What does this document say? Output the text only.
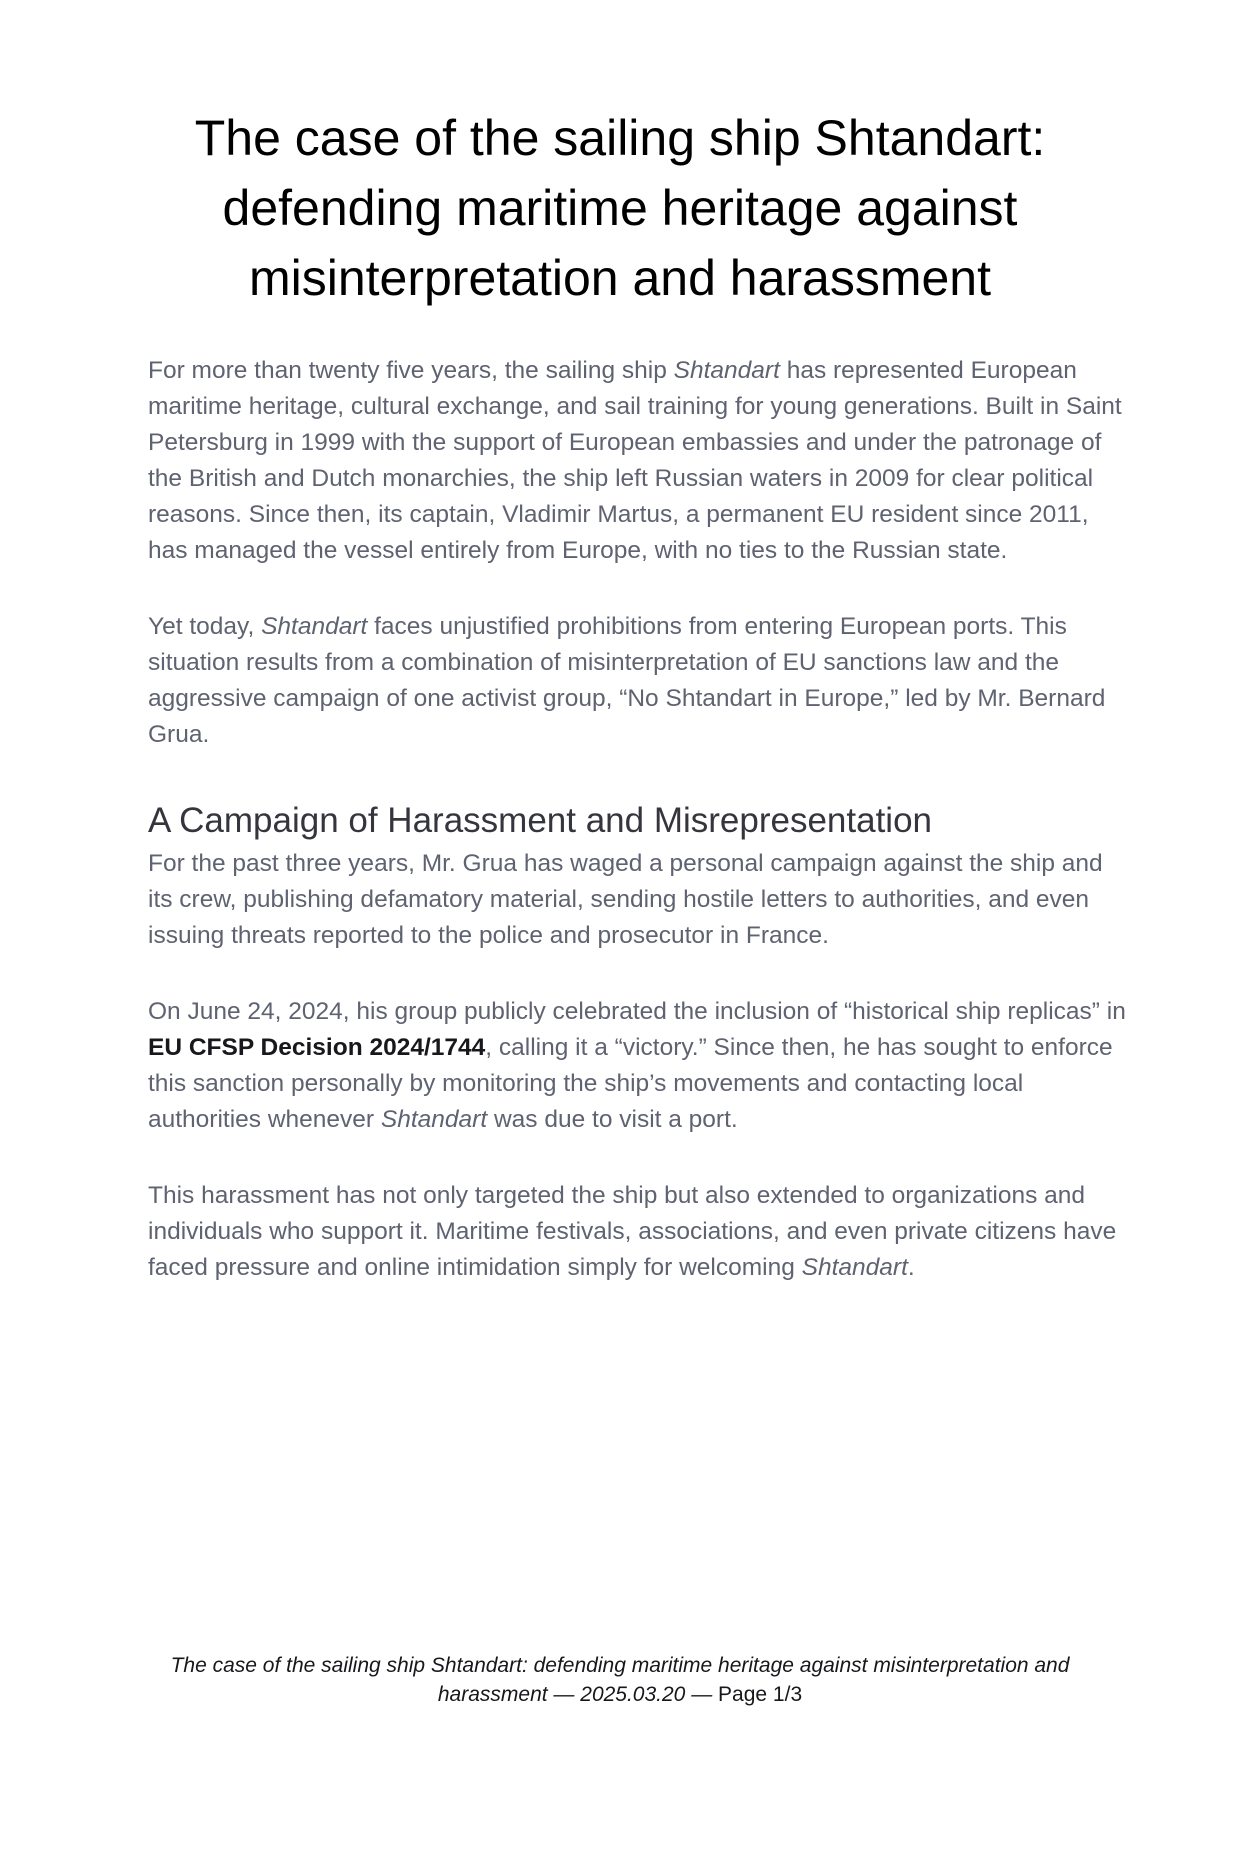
The case of the sailing ship Shtandart:
defending maritime heritage against
misinterpretation and harassment

For more than twenty five years, the sailing ship Shtandart has represented European maritime heritage, cultural exchange, and sail training for young generations. Built in Saint Petersburg in 1999 with the support of European embassies and under the patronage of the British and Dutch monarchies, the ship left Russian waters in 2009 for clear political reasons. Since then, its captain, Vladimir Martus, a permanent EU resident since 2011, has managed the vessel entirely from Europe, with no ties to the Russian state.

Yet today, Shtandart faces unjustified prohibitions from entering European ports. This situation results from a combination of misinterpretation of EU sanctions law and the aggressive campaign of one activist group, “No Shtandart in Europe,” led by Mr. Bernard Grua.

A Campaign of Harassment and Misrepresentation

For the past three years, Mr. Grua has waged a personal campaign against the ship and its crew, publishing defamatory material, sending hostile letters to authorities, and even issuing threats reported to the police and prosecutor in France.

On June 24, 2024, his group publicly celebrated the inclusion of “historical ship replicas” in EU CFSP Decision 2024/1744, calling it a “victory.” Since then, he has sought to enforce this sanction personally by monitoring the ship’s movements and contacting local authorities whenever Shtandart was due to visit a port.

This harassment has not only targeted the ship but also extended to organizations and individuals who support it. Maritime festivals, associations, and even private citizens have faced pressure and online intimidation simply for welcoming Shtandart.

The case of the sailing ship Shtandart: defending maritime heritage against misinterpretation and
harassment — 2025.03.20 — Page 1/3
